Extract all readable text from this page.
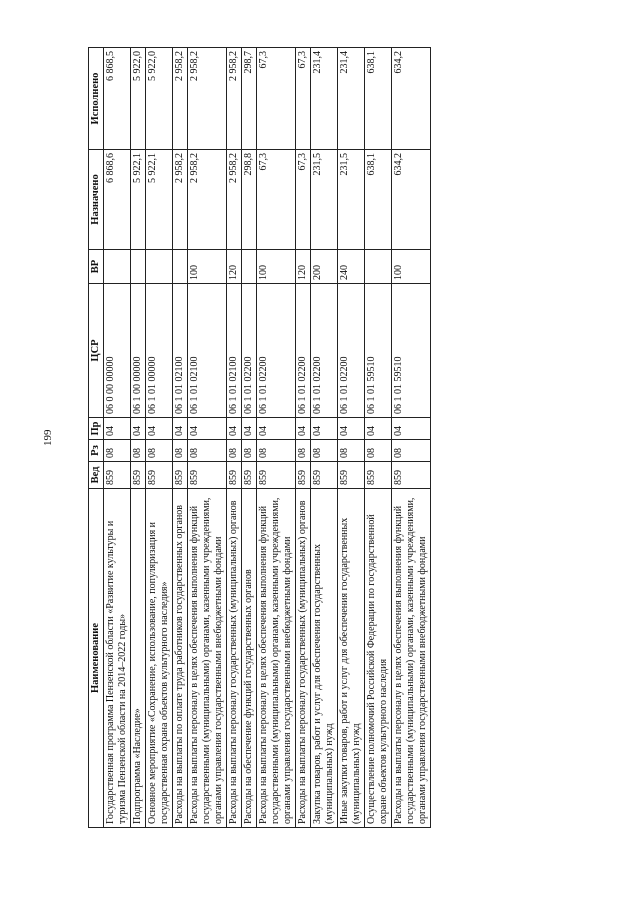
199
Наименование	Вед	Рз	Пр	ЦСР	ВР	Назначено	Исполнено
Государственная программа Пензенской области «Развитие культуры и туризма Пензенской области на 2014–2022 годы»	859	08	04	06 0 00 00000		6 868,6	6 868,5
Подпрограмма «Наследие»	859	08	04	06 1 00 00000		5 922,1	5 922,0
Основное мероприятие «Сохранение, использование, популяризация и государственная охрана объектов культурного наследия»	859	08	04	06 1 01 00000		5 922,1	5 922,0
Расходы на выплаты по оплате труда работников государственных органов	859	08	04	06 1 01 02100		2 958,2	2 958,2
Расходы на выплаты персоналу в целях обеспечения выполнения функций государственными (муниципальными) органами, казенными учреждениями, органами управления государственными внебюджетными фондами	859	08	04	06 1 01 02100	100	2 958,2	2 958,2
Расходы на выплаты персоналу государственных (муниципальных) органов	859	08	04	06 1 01 02100	120	2 958,2	2 958,2
Расходы на обеспечение функций государственных органов	859	08	04	06 1 01 02200		298,8	298,7
Расходы на выплаты персоналу в целях обеспечения выполнения функций государственными (муниципальными) органами, казенными учреждениями, органами управления государственными внебюджетными фондами	859	08	04	06 1 01 02200	100	67,3	67,3
Расходы на выплаты персоналу государственных (муниципальных) органов	859	08	04	06 1 01 02200	120	67,3	67,3
Закупка товаров, работ и услуг для обеспечения государственных (муниципальных) нужд	859	08	04	06 1 01 02200	200	231,5	231,4
Иные закупки товаров, работ и услуг для обеспечения государственных (муниципальных) нужд	859	08	04	06 1 01 02200	240	231,5	231,4
Осуществление полномочий Российской Федерации по государственной охране объектов культурного наследия	859	08	04	06 1 01 59510		638,1	638,1
Расходы на выплаты персоналу в целях обеспечения выполнения функций государственными (муниципальными) органами, казенными учреждениями, органами управления государственными внебюджетными фондами	859	08	04	06 1 01 59510	100	634,2	634,2
